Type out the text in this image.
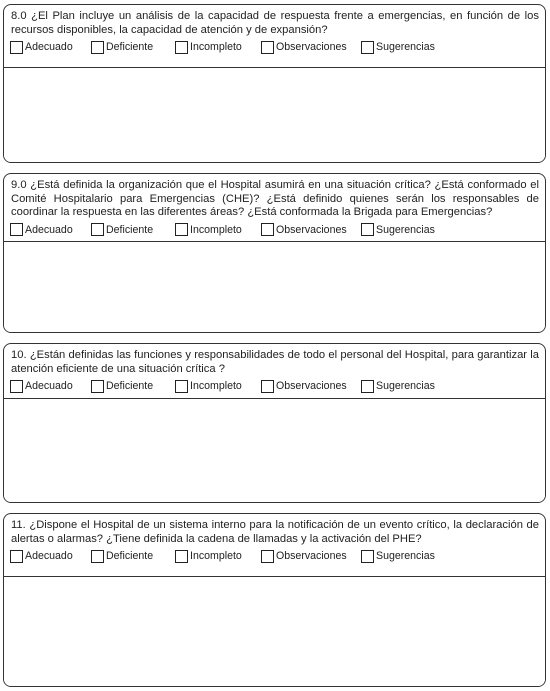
8.0 ¿El Plan incluye un análisis de la capacidad de respuesta frente a emergencias, en función de los recursos disponibles, la capacidad de atención y de expansión?

Adecuado	Deficiente	Incompleto	Observaciones	Sugerencias

9.0 ¿Está definida la organización que el Hospital asumirá en una situación crítica? ¿Está conformado el Comité Hospitalario para Emergencias (CHE)? ¿Está definido quienes serán los responsables de coordinar la respuesta en las diferentes áreas? ¿Está conformada la Brigada para Emergencias?

Adecuado	Deficiente	Incompleto	Observaciones	Sugerencias

10. ¿Están definidas las funciones y responsabilidades de todo el personal del Hospital, para garantizar la atención eficiente de una situación crítica ?

Adecuado	Deficiente	Incompleto	Observaciones	Sugerencias

11. ¿Dispone el Hospital de un sistema interno para la notificación de un evento crítico, la declaración de alertas o alarmas? ¿Tiene definida la cadena de llamadas y la activación del PHE?

Adecuado	Deficiente	Incompleto	Observaciones	Sugerencias
